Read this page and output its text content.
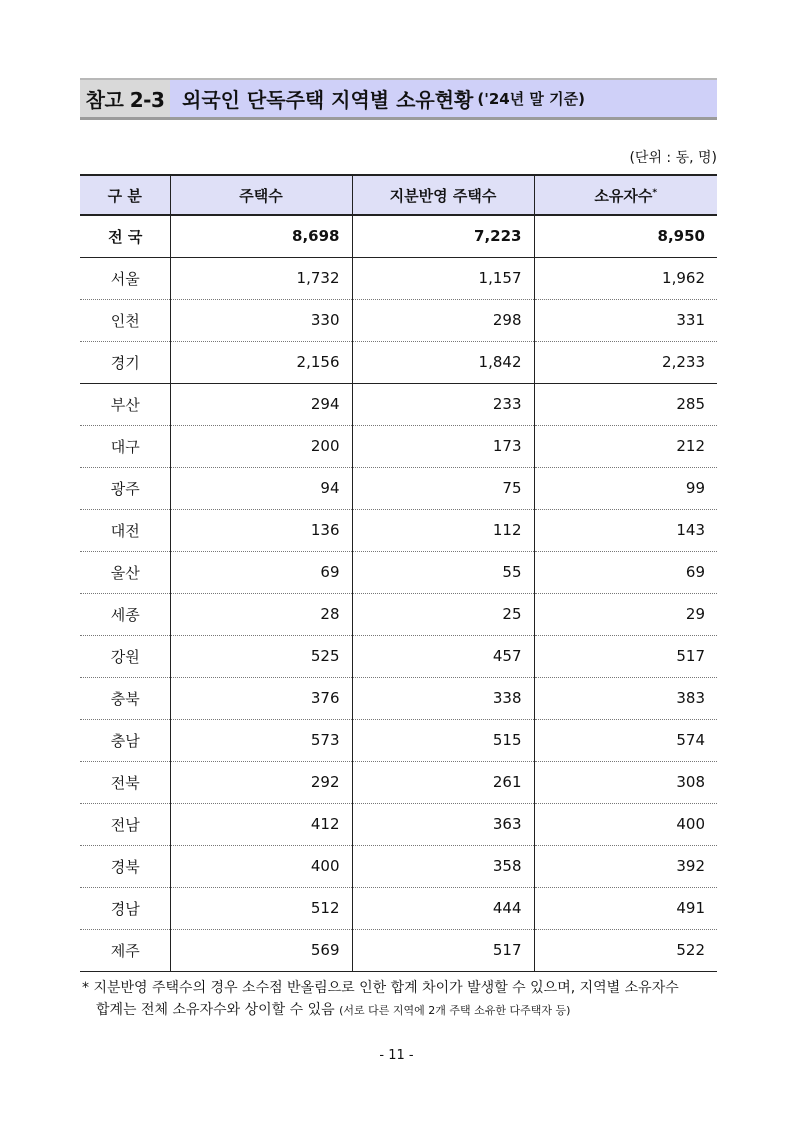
참고 2-3 외국인 단독주택 지역별 소유현황 ('24년 말 기준)
(단위 : 동, 명)
구 분	주택수	지분반영 주택수	소유자수*
전 국	8,698	7,223	8,950
서울	1,732	1,157	1,962
인천	330	298	331
경기	2,156	1,842	2,233
부산	294	233	285
대구	200	173	212
광주	94	75	99
대전	136	112	143
울산	69	55	69
세종	28	25	29
강원	525	457	517
충북	376	338	383
충남	573	515	574
전북	292	261	308
전남	412	363	400
경북	400	358	392
경남	512	444	491
제주	569	517	522
* 지분반영 주택수의 경우 소수점 반올림으로 인한 합계 차이가 발생할 수 있으며, 지역별 소유자수
합계는 전체 소유자수와 상이할 수 있음 (서로 다른 지역에 2개 주택 소유한 다주택자 등)
- 11 -
